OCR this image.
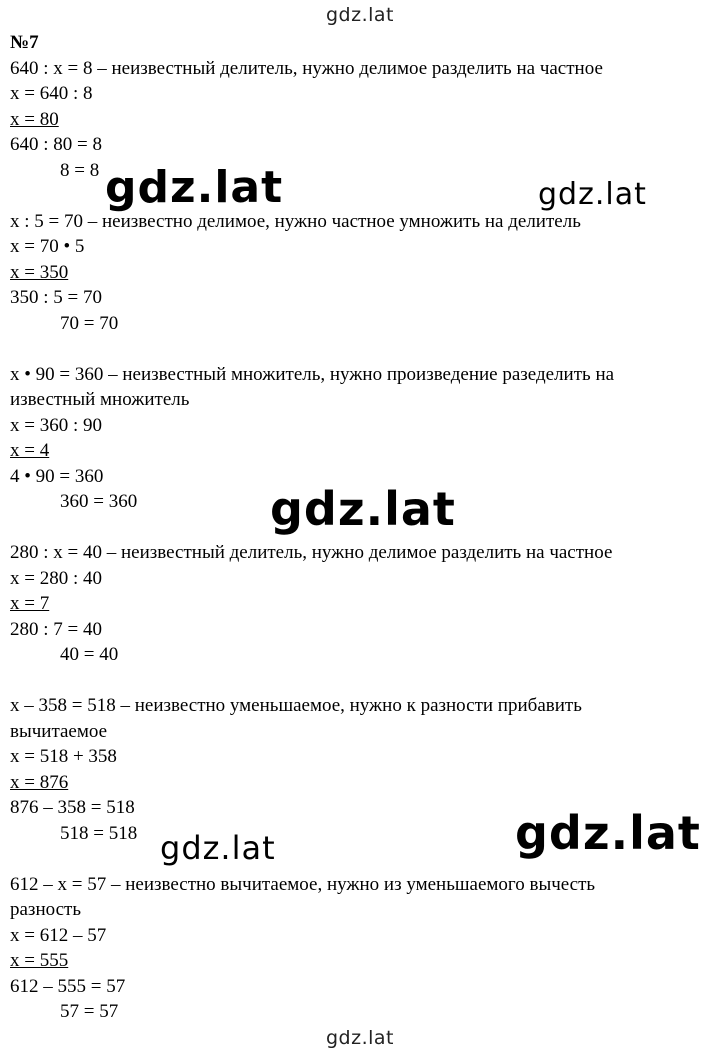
gdz.lat
№7
640 : x = 8 – неизвестный делитель, нужно делимое разделить на частное
x = 640 : 8
x = 80
640 : 80 = 8
8 = 8
x : 5 = 70 – неизвестно делимое, нужно частное умножить на делитель
x = 70 • 5
x = 350
350 : 5 = 70
70 = 70
x • 90 = 360 – неизвестный множитель, нужно произведение разеделить на
известный множитель
x = 360 : 90
x = 4
4 • 90 = 360
360 = 360
280 : x = 40 – неизвестный делитель, нужно делимое разделить на частное
x = 280 : 40
x = 7
280 : 7 = 40
40 = 40
x – 358 = 518 – неизвестно уменьшаемое, нужно к разности прибавить
вычитаемое
x = 518 + 358
x = 876
876 – 358 = 518
518 = 518
612 – x = 57 – неизвестно вычитаемое, нужно из уменьшаемого вычесть
разность
x = 612 – 57
x = 555
612 – 555 = 57
57 = 57
gdz.lat	gdz.lat
gdz.lat
gdz.lat
gdz.lat
gdz.lat
